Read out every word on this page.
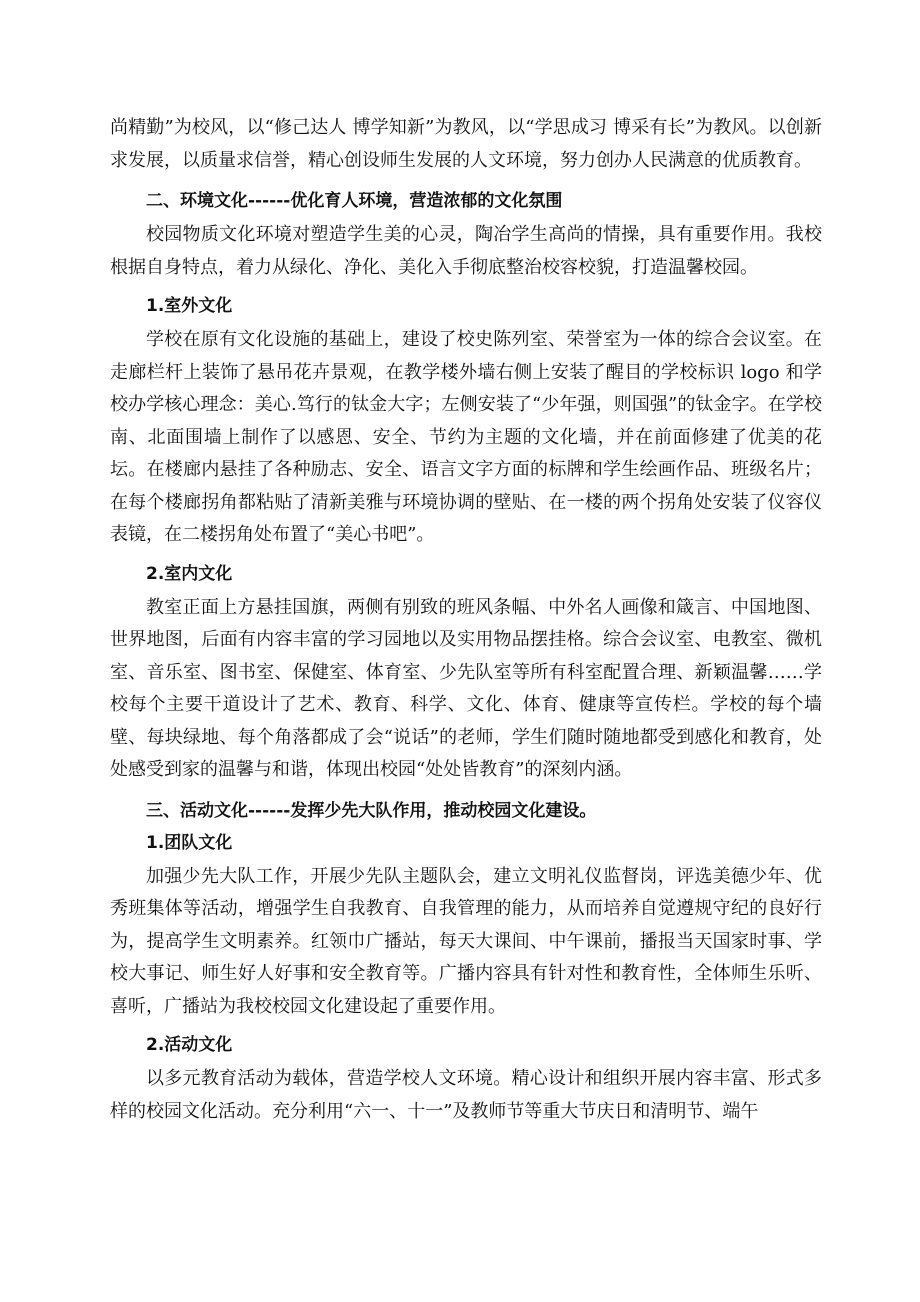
尚精勤”为校风，以“修己达人 博学知新”为教风，以“学思成习 博采有长”为教风。以创新求发展，以质量求信誉，精心创设师生发展的人文环境，努力创办人民满意的优质教育。

二、环境文化------优化育人环境，营造浓郁的文化氛围

校园物质文化环境对塑造学生美的心灵，陶冶学生高尚的情操，具有重要作用。我校根据自身特点，着力从绿化、净化、美化入手彻底整治校容校貌，打造温馨校园。

1.室外文化

学校在原有文化设施的基础上，建设了校史陈列室、荣誉室为一体的综合会议室。在走廊栏杆上装饰了悬吊花卉景观，在教学楼外墙右侧上安装了醒目的学校标识 logo 和学校办学核心理念：美心.笃行的钛金大字；左侧安装了“少年强，则国强”的钛金字。在学校南、北面围墙上制作了以感恩、安全、节约为主题的文化墙，并在前面修建了优美的花坛。在楼廊内悬挂了各种励志、安全、语言文字方面的标牌和学生绘画作品、班级名片；在每个楼廊拐角都粘贴了清新美雅与环境协调的壁贴、在一楼的两个拐角处安装了仪容仪表镜，在二楼拐角处布置了“美心书吧”。

2.室内文化

教室正面上方悬挂国旗，两侧有别致的班风条幅、中外名人画像和箴言、中国地图、世界地图，后面有内容丰富的学习园地以及实用物品摆挂格。综合会议室、电教室、微机室、音乐室、图书室、保健室、体育室、少先队室等所有科室配置合理、新颖温馨……学校每个主要干道设计了艺术、教育、科学、文化、体育、健康等宣传栏。学校的每个墙壁、每块绿地、每个角落都成了会“说话”的老师，学生们随时随地都受到感化和教育，处处感受到家的温馨与和谐，体现出校园“处处皆教育”的深刻内涵。

三、活动文化------发挥少先大队作用，推动校园文化建设。
1.团队文化

加强少先大队工作，开展少先队主题队会，建立文明礼仪监督岗，评选美德少年、优秀班集体等活动，增强学生自我教育、自我管理的能力，从而培养自觉遵规守纪的良好行为，提高学生文明素养。红领巾广播站，每天大课间、中午课前，播报当天国家时事、学校大事记、师生好人好事和安全教育等。广播内容具有针对性和教育性，全体师生乐听、喜听，广播站为我校校园文化建设起了重要作用。

2.活动文化

以多元教育活动为载体，营造学校人文环境。精心设计和组织开展内容丰富、形式多样的校园文化活动。充分利用“六一、十一”及教师节等重大节庆日和清明节、端午
